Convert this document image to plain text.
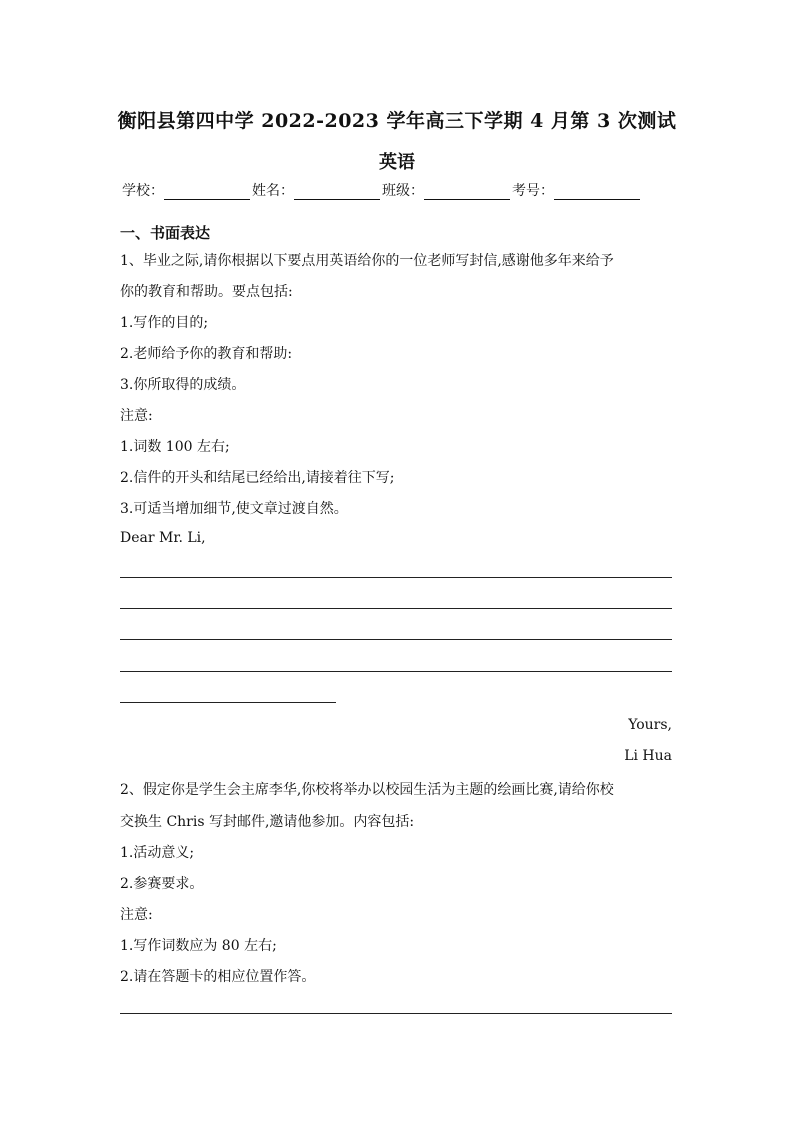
衡阳县第四中学 2022-2023 学年高三下学期 4 月第 3 次测试
英语
学校：	姓名：	班级：	考号：
一、书面表达
1、毕业之际,请你根据以下要点用英语给你的一位老师写封信,感谢他多年来给予
你的教育和帮助。要点包括:
1.写作的目的;
2.老师给予你的教育和帮助:
3.你所取得的成绩。
注意:
1.词数 100 左右;
2.信件的开头和结尾已经给出,请接着往下写;
3.可适当增加细节,使文章过渡自然。
Dear Mr. Li,
Yours,
Li Hua
2、假定你是学生会主席李华,你校将举办以校园生活为主题的绘画比赛,请给你校
交换生 Chris 写封邮件,邀请他参加。内容包括:
1.活动意义;
2.参赛要求。
注意:
1.写作词数应为 80 左右;
2.请在答题卡的相应位置作答。
